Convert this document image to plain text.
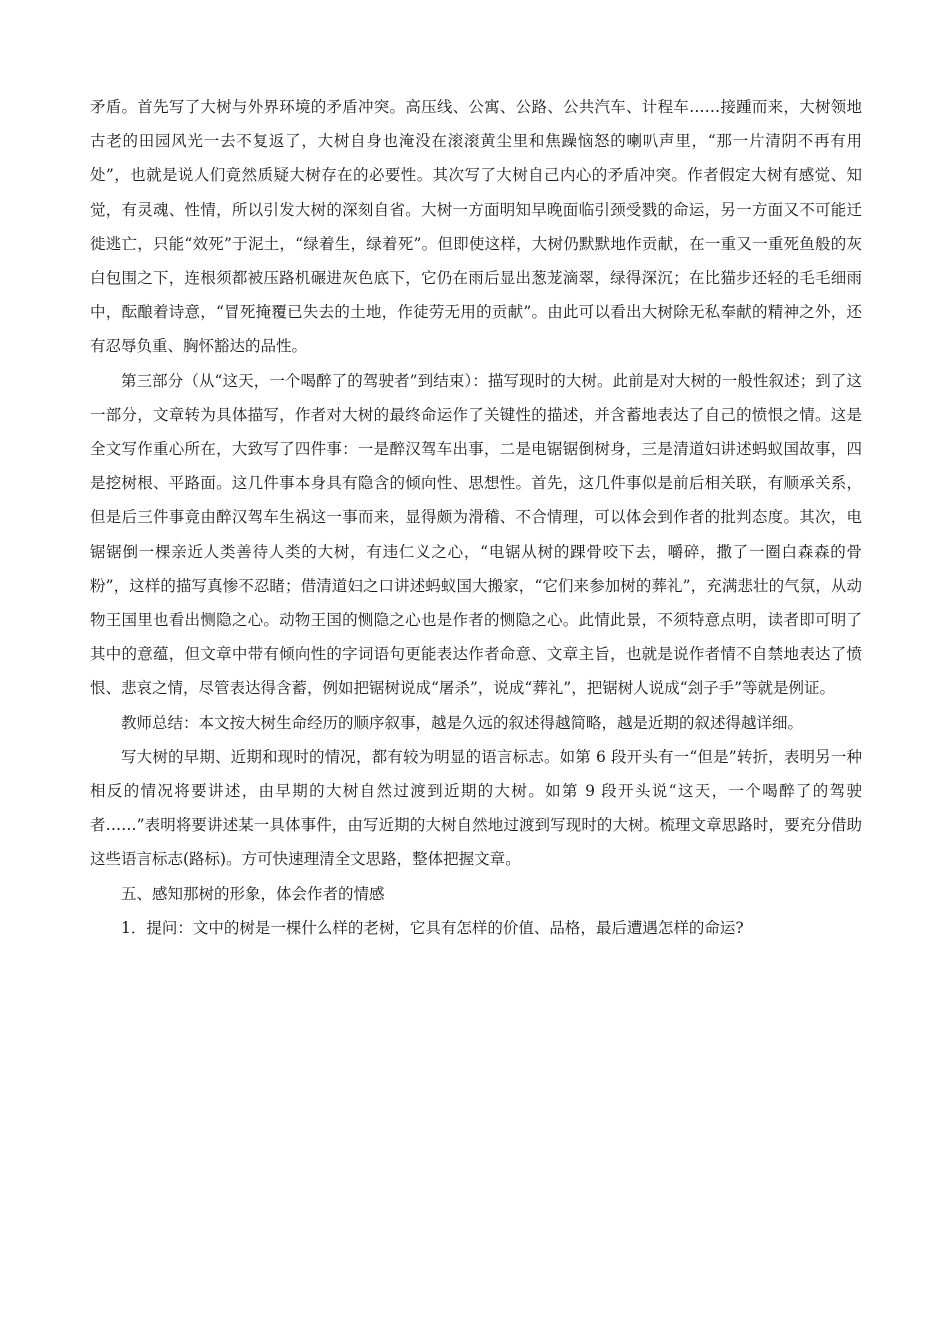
矛盾。首先写了大树与外界环境的矛盾冲突。高压线、公寓、公路、公共汽车、计程车……接踵而来，大树领地古老的田园风光一去不复返了，大树自身也淹没在滚滚黄尘里和焦躁恼怒的喇叭声里，“那一片清阴不再有用处”，也就是说人们竟然质疑大树存在的必要性。其次写了大树自己内心的矛盾冲突。作者假定大树有感觉、知觉，有灵魂、性情，所以引发大树的深刻自省。大树一方面明知早晚面临引颈受戮的命运，另一方面又不可能迁徙逃亡，只能“效死”于泥土，“绿着生，绿着死”。但即使这样，大树仍默默地作贡献，在一重又一重死鱼般的灰白包围之下，连根须都被压路机碾进灰色底下，它仍在雨后显出葱茏滴翠，绿得深沉；在比猫步还轻的毛毛细雨中，酝酿着诗意，“冒死掩覆已失去的土地，作徒劳无用的贡献”。由此可以看出大树除无私奉献的精神之外，还有忍辱负重、胸怀豁达的品性。

第三部分（从“这天，一个喝醉了的驾驶者”到结束）：描写现时的大树。此前是对大树的一般性叙述；到了这一部分，文章转为具体描写，作者对大树的最终命运作了关键性的描述，并含蓄地表达了自己的愤恨之情。这是全文写作重心所在，大致写了四件事：一是醉汉驾车出事，二是电锯锯倒树身，三是清道妇讲述蚂蚁国故事，四是挖树根、平路面。这几件事本身具有隐含的倾向性、思想性。首先，这几件事似是前后相关联，有顺承关系，但是后三件事竟由醉汉驾车生祸这一事而来，显得颇为滑稽、不合情理，可以体会到作者的批判态度。其次，电锯锯倒一棵亲近人类善待人类的大树，有违仁义之心，“电锯从树的踝骨咬下去，嚼碎，撒了一圈白森森的骨粉”，这样的描写真惨不忍睹；借清道妇之口讲述蚂蚁国大搬家，“它们来参加树的葬礼”，充满悲壮的气氛，从动物王国里也看出恻隐之心。动物王国的恻隐之心也是作者的恻隐之心。此情此景，不须特意点明，读者即可明了其中的意蕴，但文章中带有倾向性的字词语句更能表达作者命意、文章主旨，也就是说作者情不自禁地表达了愤恨、悲哀之情，尽管表达得含蓄，例如把锯树说成“屠杀”，说成“葬礼”，把锯树人说成“刽子手”等就是例证。

教师总结：本文按大树生命经历的顺序叙事，越是久远的叙述得越简略，越是近期的叙述得越详细。

写大树的早期、近期和现时的情况，都有较为明显的语言标志。如第 6 段开头有一“但是”转折，表明另一种相反的情况将要讲述，由早期的大树自然过渡到近期的大树。如第 9 段开头说“这天，一个喝醉了的驾驶者……”表明将要讲述某一具体事件，由写近期的大树自然地过渡到写现时的大树。梳理文章思路时，要充分借助这些语言标志(路标)。方可快速理清全文思路，整体把握文章。

五、感知那树的形象，体会作者的情感

1．提问：文中的树是一棵什么样的老树，它具有怎样的价值、品格，最后遭遇怎样的命运?
